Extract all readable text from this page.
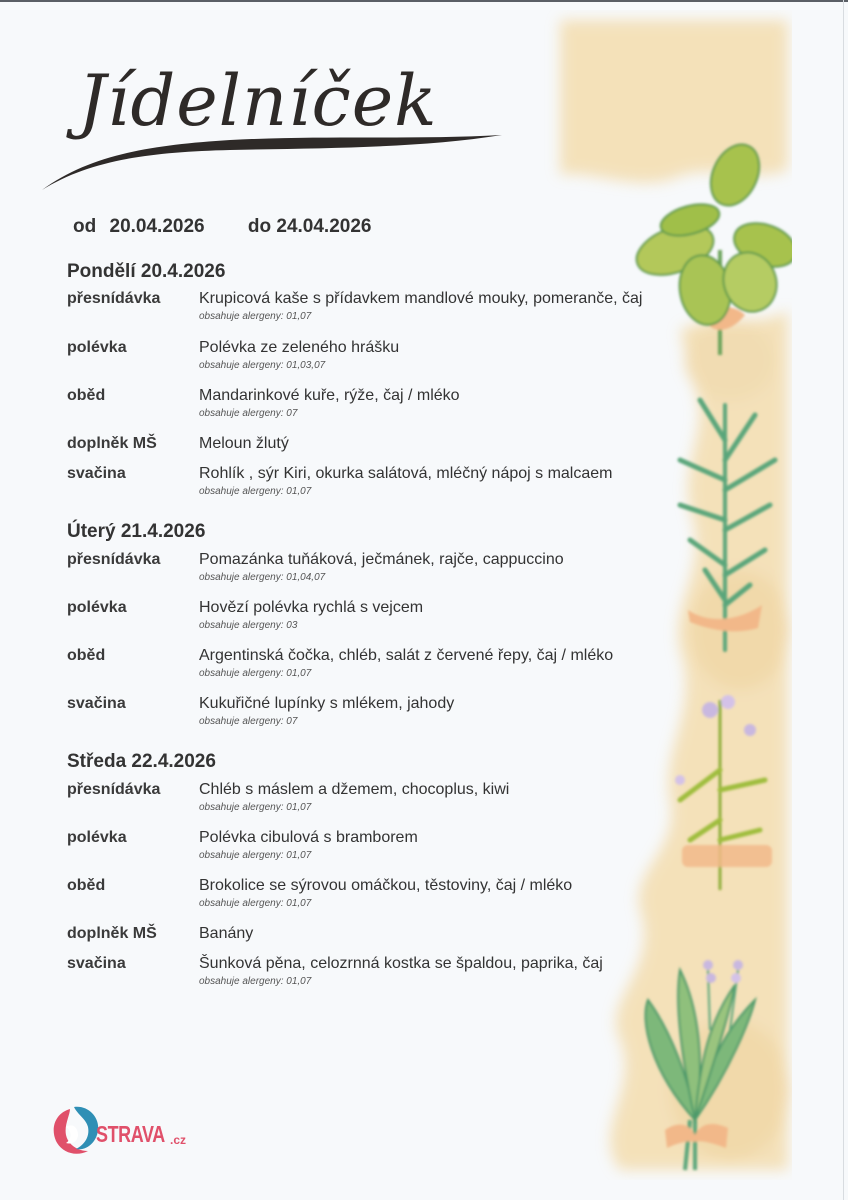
Jídelníček
od 20.04.2026 do 24.04.2026
Pondělí 20.4.2026
přesnídávka Krupicová kaše s přídavkem mandlové mouky, pomeranče, čaj
obsahuje alergeny: 01,07
polévka	Polévka ze zeleného hrášku
obsahuje alergeny: 01,03,07
oběd	Mandarinkové kuře, rýže, čaj / mléko
obsahuje alergeny: 07
doplněk MŠ	Meloun žlutý
svačina	Rohlík , sýr Kiri, okurka salátová, mléčný nápoj s malcaem
obsahuje alergeny: 01,07
Úterý 21.4.2026
přesnídávka Pomazánka tuňáková, ječmánek, rajče, cappuccino
obsahuje alergeny: 01,04,07
polévka	Hovězí polévka rychlá s vejcem
obsahuje alergeny: 03
oběd	Argentinská čočka, chléb, salát z červené řepy, čaj / mléko
obsahuje alergeny: 01,07
svačina	Kukuřičné lupínky s mlékem, jahody
obsahuje alergeny: 07
Středa 22.4.2026
přesnídávka Chléb s máslem a džemem, chocoplus, kiwi
obsahuje alergeny: 01,07
polévka	Polévka cibulová s bramborem
obsahuje alergeny: 01,07
oběd	Brokolice se sýrovou omáčkou, těstoviny, čaj / mléko
obsahuje alergeny: 01,07
doplněk MŠ	Banány
svačina	Šunková pěna, celozrnná kostka se špaldou, paprika, čaj
obsahuje alergeny: 01,07
STRAVA .cz
